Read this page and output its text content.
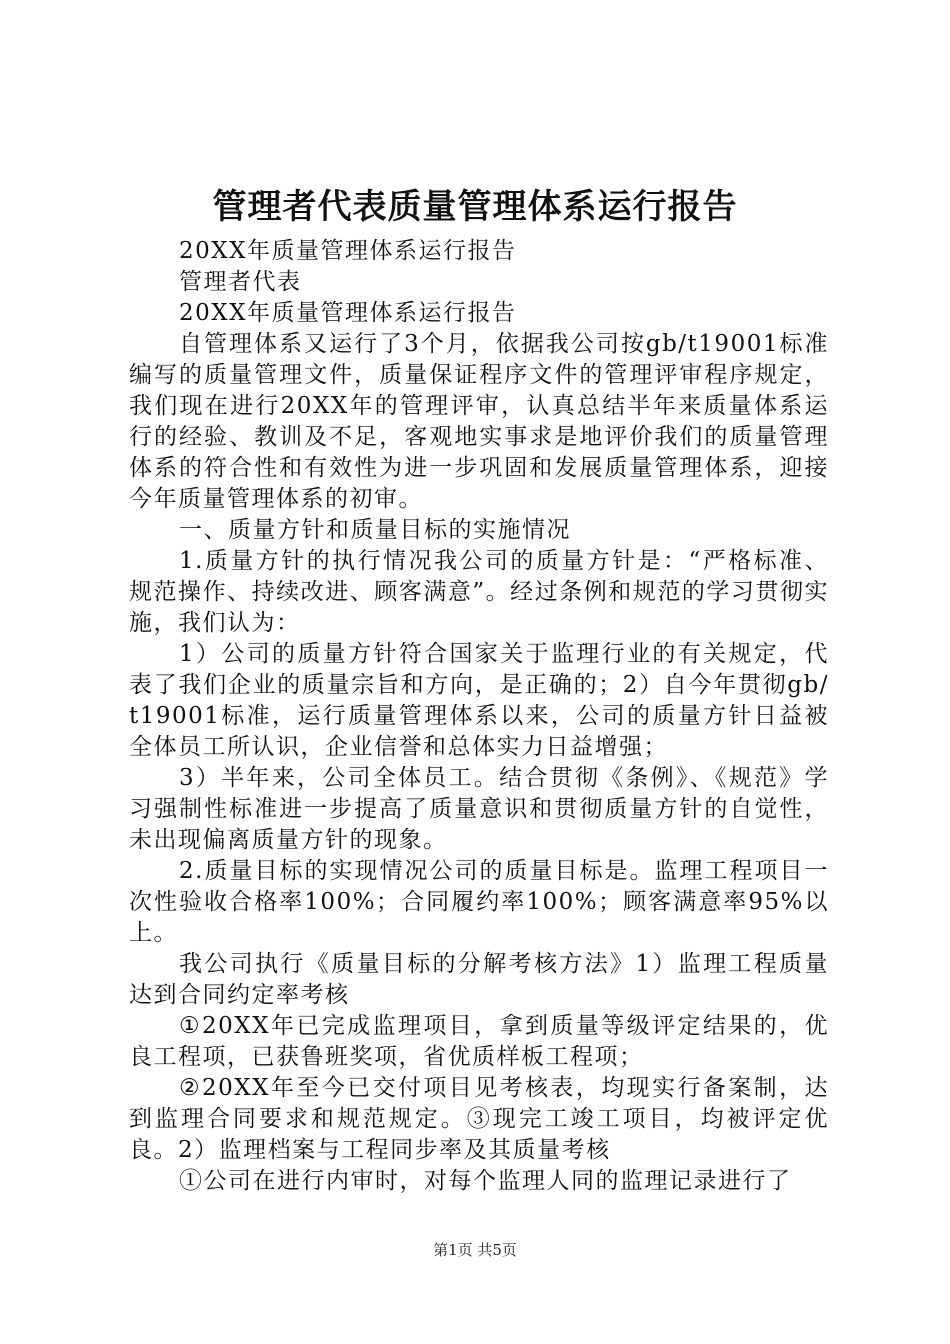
管理者代表质量管理体系运行报告

20XX年质量管理体系运行报告

管理者代表

20XX年质量管理体系运行报告

自管理体系又运行了3个月，依据我公司按gb/t19001标准编写的质量管理文件，质量保证程序文件的管理评审程序规定，我们现在进行20XX年的管理评审，认真总结半年来质量体系运行的经验、教训及不足，客观地实事求是地评价我们的质量管理体系的符合性和有效性为进一步巩固和发展质量管理体系，迎接今年质量管理体系的初审。

一、质量方针和质量目标的实施情况

1.质量方针的执行情况我公司的质量方针是：“严格标准、规范操作、持续改进、顾客满意”。经过条例和规范的学习贯彻实施，我们认为：

1）公司的质量方针符合国家关于监理行业的有关规定，代表了我们企业的质量宗旨和方向，是正确的；2）自今年贯彻gb/t19001标准，运行质量管理体系以来，公司的质量方针日益被全体员工所认识，企业信誉和总体实力日益增强；

3）半年来，公司全体员工。结合贯彻《条例》、《规范》学习强制性标准进一步提高了质量意识和贯彻质量方针的自觉性，未出现偏离质量方针的现象。

2.质量目标的实现情况公司的质量目标是。监理工程项目一次性验收合格率100%；合同履约率100%；顾客满意率95%以上。

我公司执行《质量目标的分解考核方法》1）监理工程质量达到合同约定率考核

①20XX年已完成监理项目，拿到质量等级评定结果的，优良工程项，已获鲁班奖项，省优质样板工程项；

②20XX年至今已交付项目见考核表，均现实行备案制，达到监理合同要求和规范规定。③现完工竣工项目，均被评定优良。2）监理档案与工程同步率及其质量考核

①公司在进行内审时，对每个监理人同的监理记录进行了

第1页 共5页
